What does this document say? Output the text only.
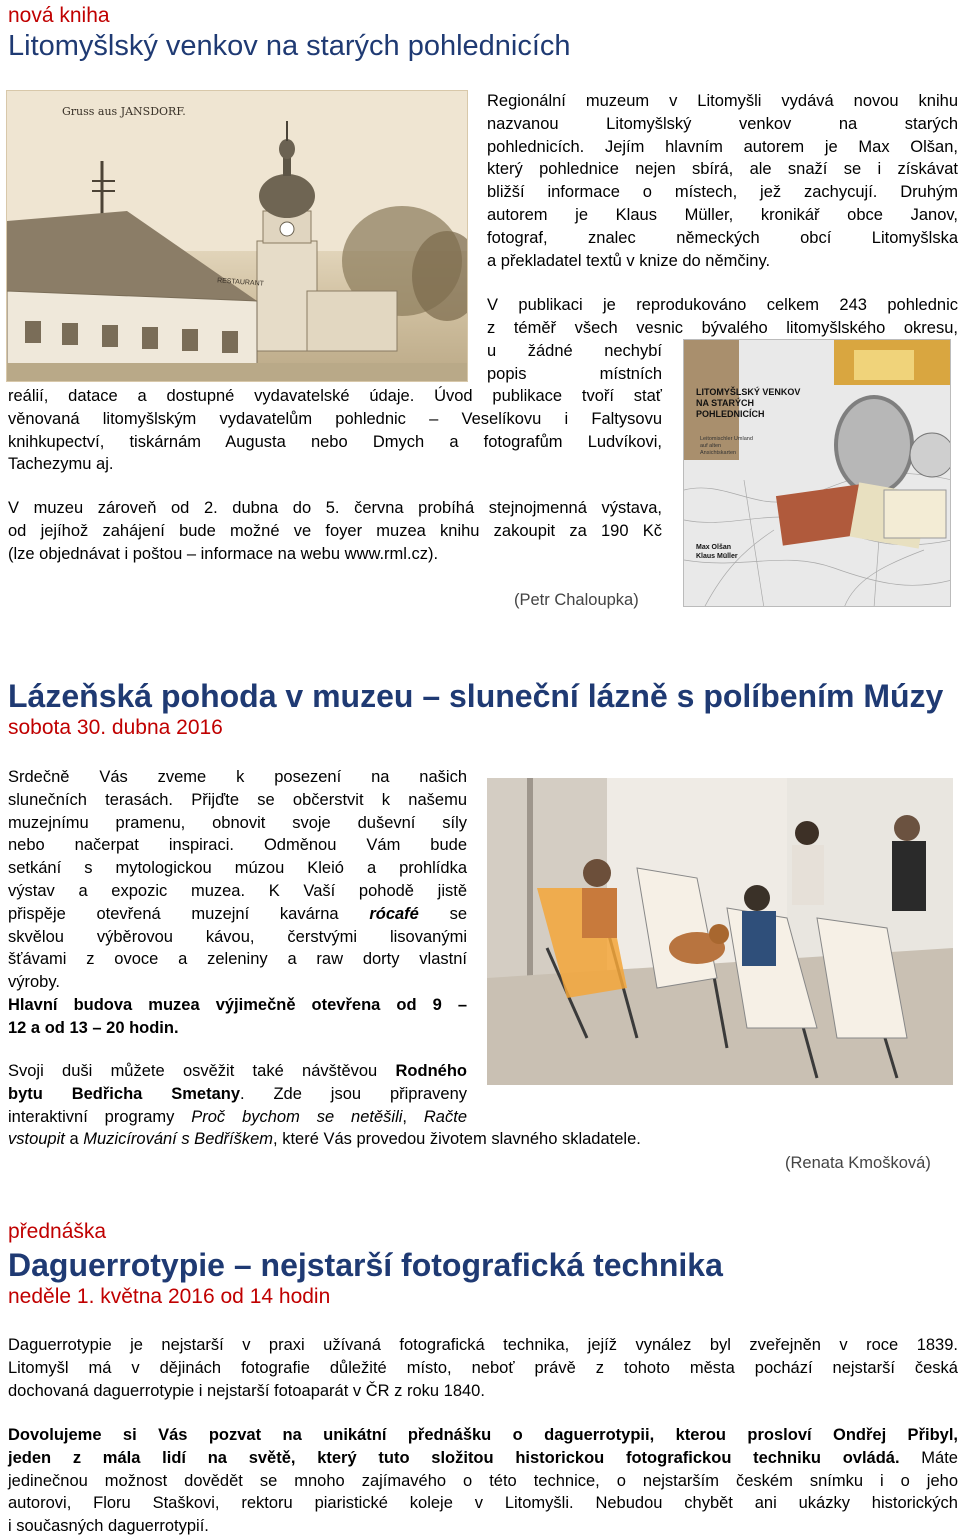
nová kniha
Litomyšlský venkov na starých pohlednicích
Gruss aus JANSDORF.
RESTAURANT
Regionální muzeum v Litomyšli vydává novou knihu
nazvanou Litomyšlský venkov na starých
pohlednicích. Jejím hlavním autorem je Max Olšan,
který pohlednice nejen sbírá, ale snaží se i získávat
bližší informace o místech, jež zachycují. Druhým
autorem je Klaus Müller, kronikář obce Janov,
fotograf, znalec německých obcí Litomyšlska
a překladatel textů v knize do němčiny.
V publikaci je reprodukováno celkem 243 pohlednic
z téměř všech vesnic bývalého litomyšlského okresu,
u žádné nechybí
popis místních
reálií, datace a dostupné vydavatelské údaje. Úvod publikace tvoří stať
věnovaná litomyšlským vydavatelům pohlednic – Veselíkovu i Faltysovu
knihkupectví, tiskárnám Augusta nebo Dmych a fotografům Ludvíkovi,
Tachezymu aj.
V muzeu zároveň od 2. dubna do 5. června probíhá stejnojmenná výstava,
od jejíhož zahájení bude možné ve foyer muzea knihu zakoupit za 190 Kč
(lze objednávat i poštou – informace na webu www.rml.cz).
(Petr Chaloupka)
LITOMYŠLSKÝ VENKOV
NA STARÝCH
POHLEDNICÍCH
Leitomischler Umland
auf alten
Ansichtskarten
Max Olšan
Klaus Müller
Lázeňská pohoda v muzeu – sluneční lázně s políbením Múzy
sobota 30. dubna 2016
Srdečně Vás zveme k posezení na našich
slunečních terasách. Přijďte se občerstvit k našemu
muzejnímu pramenu, obnovit svoje duševní síly
nebo načerpat inspiraci. Odměnou Vám bude
setkání s mytologickou múzou Kleió a prohlídka
výstav a expozic muzea. K Vaší pohodě jistě
přispěje otevřená muzejní kavárna rócafé se
skvělou výběrovou kávou, čerstvými lisovanými
šťávami z ovoce a zeleniny a raw dorty vlastní
výroby.
Hlavní budova muzea výjimečně otevřena od 9 –
12 a od 13 – 20 hodin.
Svoji duši můžete osvěžit také návštěvou Rodného
bytu Bedřicha Smetany. Zde jsou připraveny
interaktivní programy Proč bychom se netěšili, Račte
vstoupit a Muzicírování s Bedříškem, které Vás provedou životem slavného skladatele.
(Renata Kmošková)
přednáška
Daguerrotypie – nejstarší fotografická technika
neděle 1. května 2016 od 14 hodin
Daguerrotypie je nejstarší v praxi užívaná fotografická technika, jejíž vynález byl zveřejněn v roce 1839.
Litomyšl má v dějinách fotografie důležité místo, neboť právě z tohoto města pochází nejstarší česká
dochovaná daguerrotypie i nejstarší fotoaparát v ČR z roku 1840.
Dovolujeme si Vás pozvat na unikátní přednášku o daguerrotypii, kterou prosloví Ondřej Přibyl,
jeden z mála lidí na světě, který tuto složitou historickou fotografickou techniku ovládá. Máte
jedinečnou možnost dovědět se mnoho zajímavého o této technice, o nejstarším českém snímku i o jeho
autorovi, Floru Staškovi, rektoru piaristické koleje v Litomyšli. Nebudou chybět ani ukázky historických
i současných daguerrotypií.
